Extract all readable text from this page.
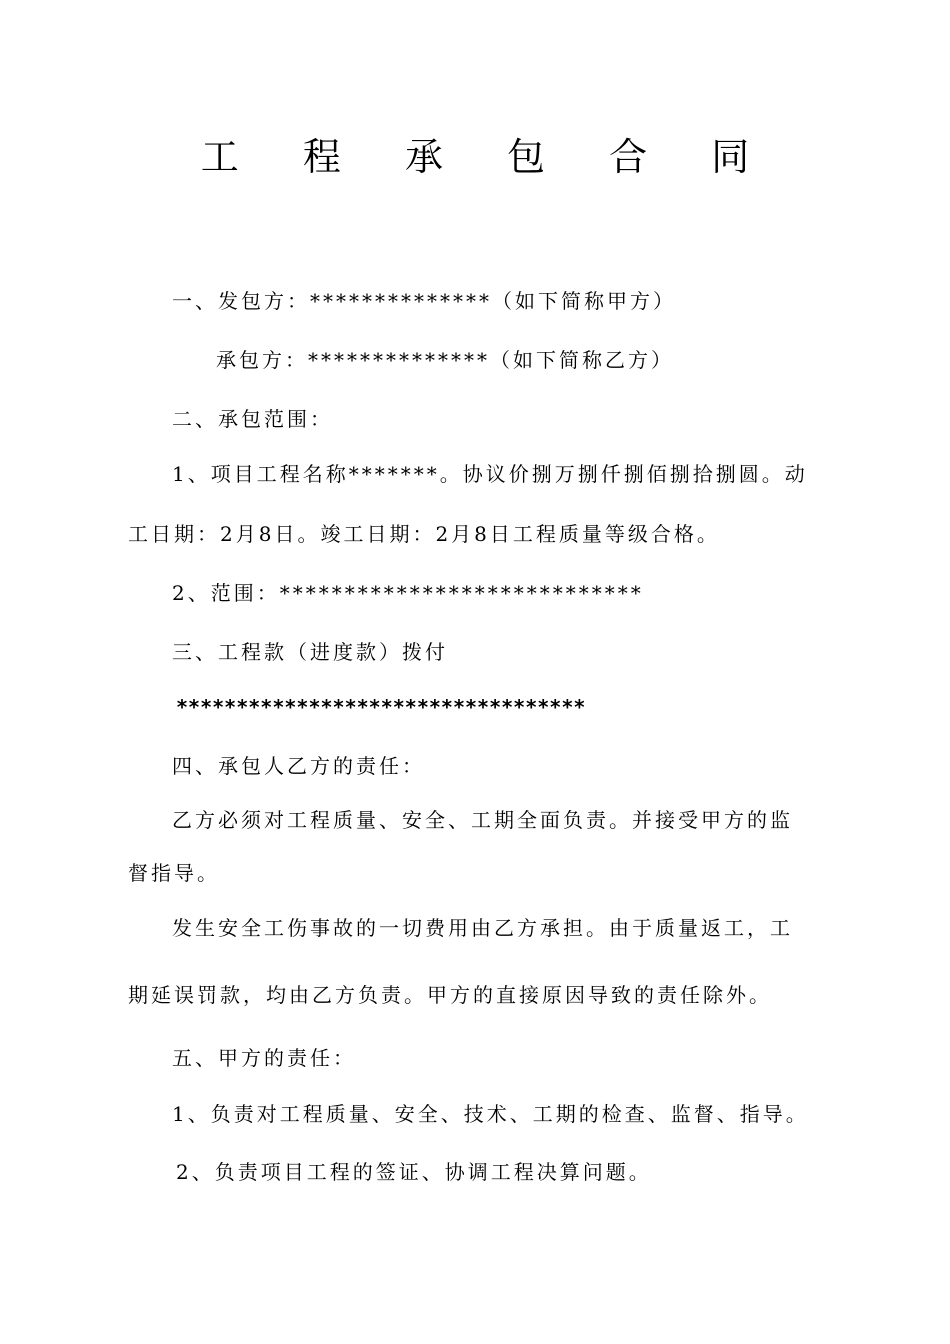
工 程 承 包 合 同
一、发包方：**************（如下简称甲方）
承包方：**************（如下简称乙方）
二、承包范围：
1、项目工程名称*******。协议价捌万捌仟捌佰捌拾捌圆。动
工日期：2月8日。竣工日期：2月8日工程质量等级合格。
2、范围：****************************
三、工程款（进度款）拨付
**********************************
四、承包人乙方的责任：
乙方必须对工程质量、安全、工期全面负责。并接受甲方的监
督指导。
发生安全工伤事故的一切费用由乙方承担。由于质量返工，工
期延误罚款，均由乙方负责。甲方的直接原因导致的责任除外。
五、甲方的责任：
1、负责对工程质量、安全、技术、工期的检查、监督、指导。
2、负责项目工程的签证、协调工程决算问题。
